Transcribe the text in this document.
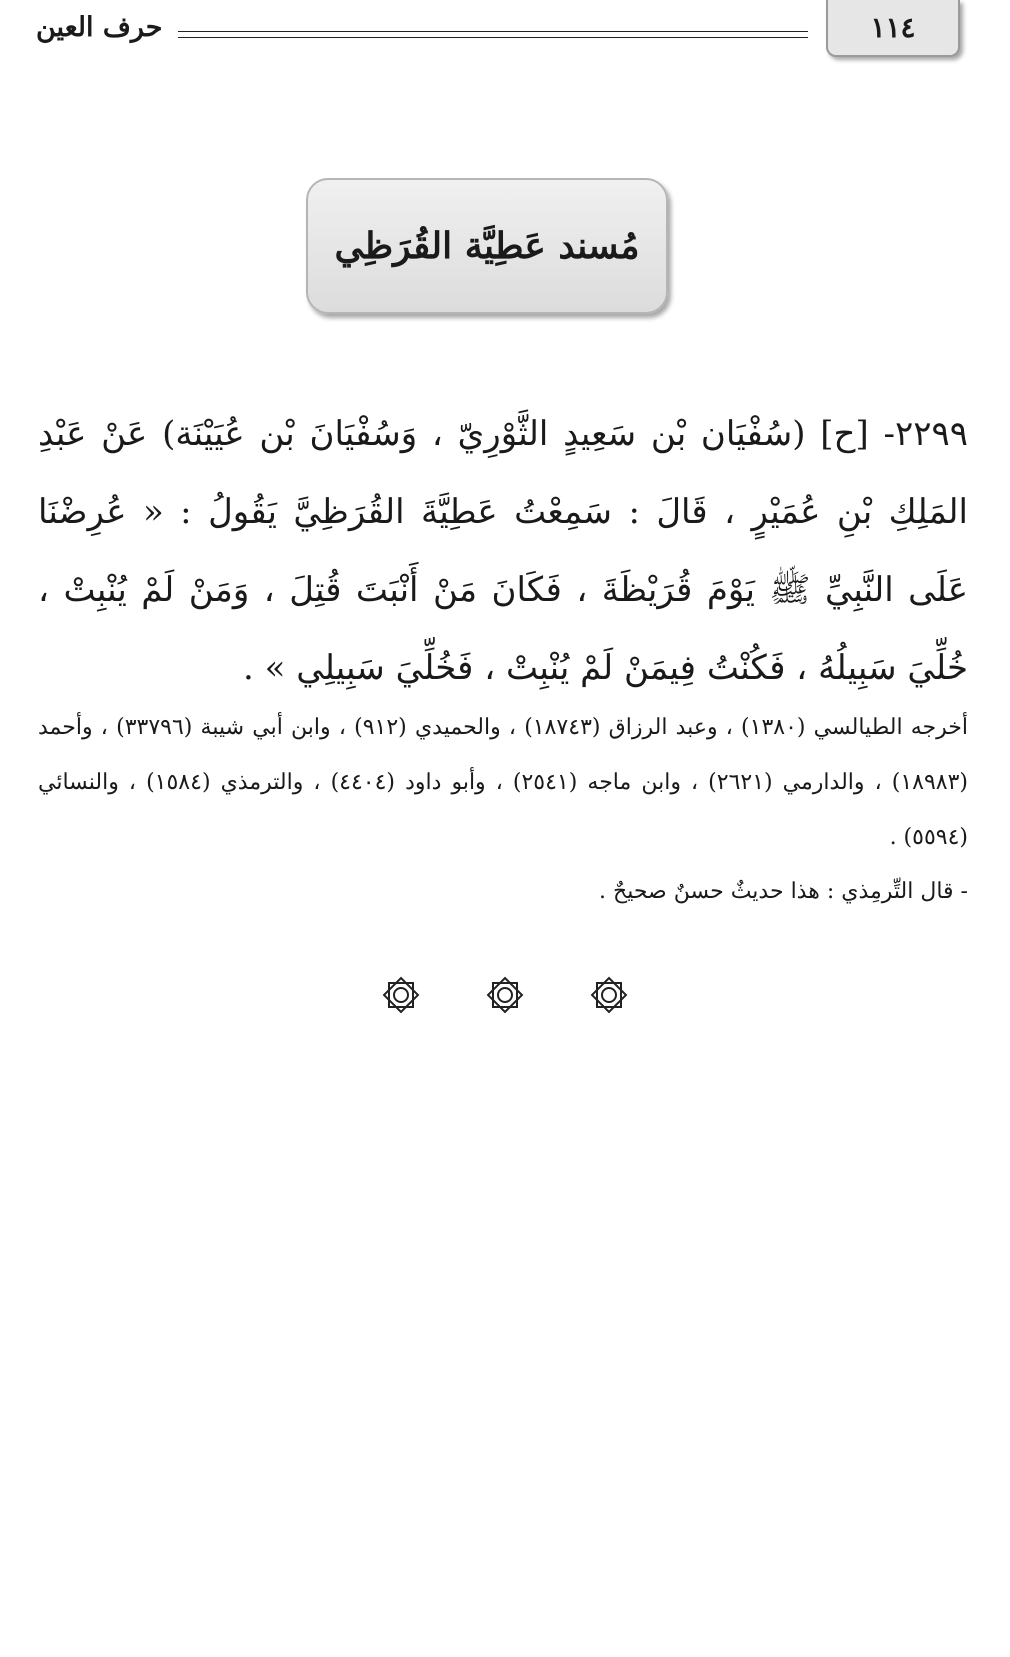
١١٤
حرف العين
مُسند عَطِيَّة القُرَظِي
٢٢٩٩- [ح] (سُفْيَان بْن سَعِيدٍ الثَّوْرِيّ ، وَسُفْيَانَ بْن عُيَيْنَة) عَنْ عَبْدِ المَلِكِ بْنِ عُمَيْرٍ ، قَالَ : سَمِعْتُ عَطِيَّةَ القُرَظِيَّ يَقُولُ : « عُرِضْنَا عَلَى النَّبِيِّ ﷺ يَوْمَ قُرَيْظَةَ ، فَكَانَ مَنْ أَنْبَتَ قُتِلَ ، وَمَنْ لَمْ يُنْبِتْ ، خُلِّيَ سَبِيلُهُ ، فَكُنْتُ فِيمَنْ لَمْ يُنْبِتْ ، فَخُلِّيَ سَبِيلِي » .
أخرجه الطيالسي (١٣٨٠) ، وعبد الرزاق (١٨٧٤٣) ، والحميدي (٩١٢) ، وابن أبي شيبة (٣٣٧٩٦) ، وأحمد (١٨٩٨٣) ، والدارمي (٢٦٢١) ، وابن ماجه (٢٥٤١) ، وأبو داود (٤٤٠٤) ، والترمذي (١٥٨٤) ، والنسائي (٥٥٩٤) .
- قال التِّرمِذي : هذا حديثٌ حسنٌ صحيحٌ .
